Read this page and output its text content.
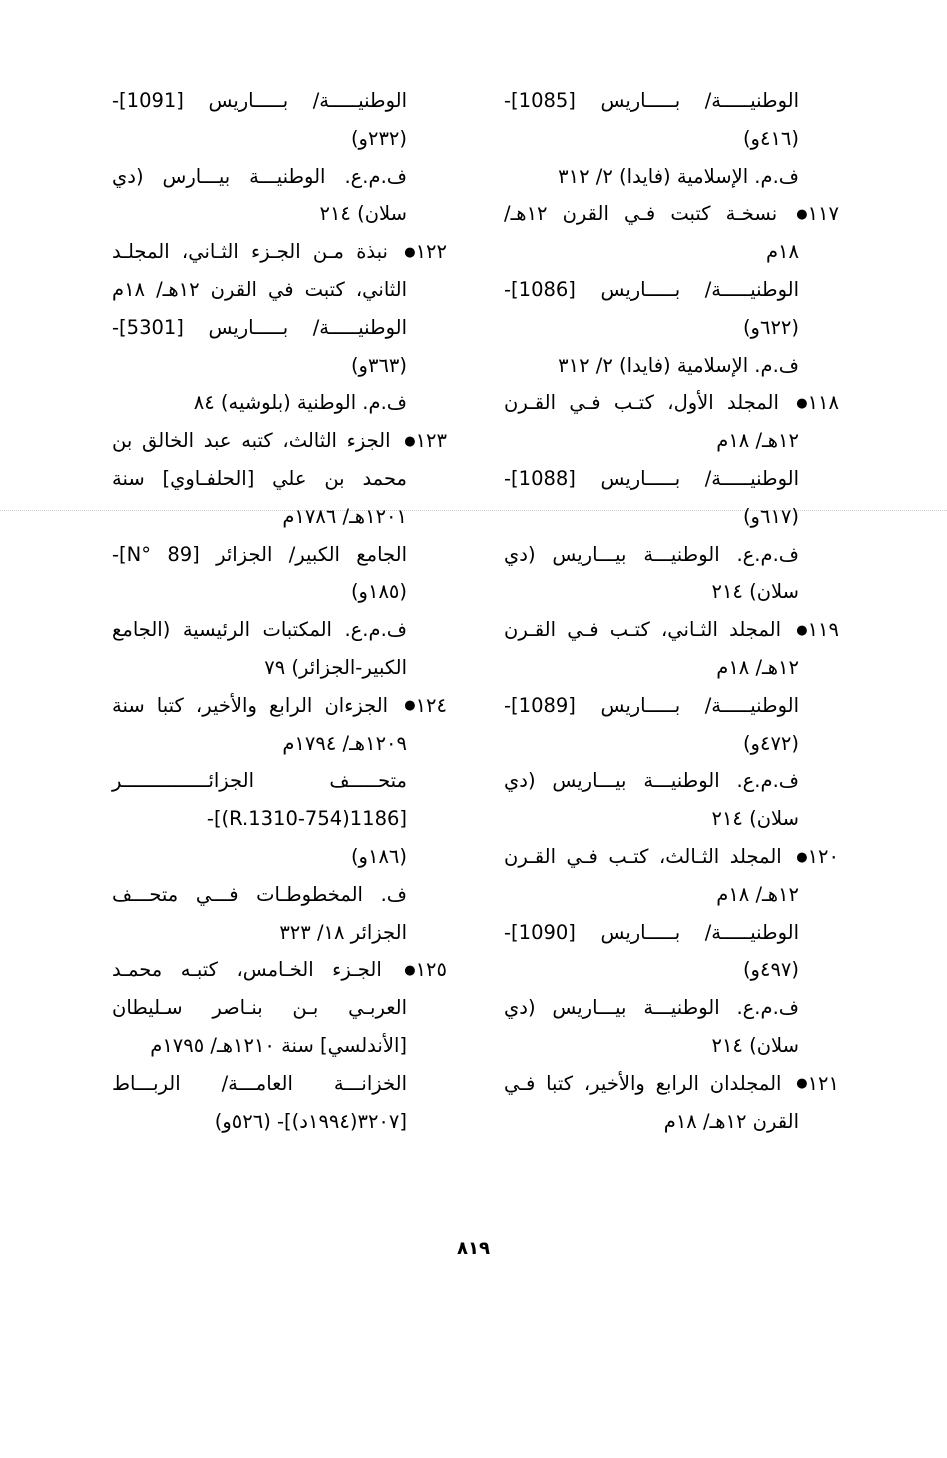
الوطنيـــــة/ بـــــاريس [1085]-
(٤١٦و)
ف.م. الإسلامية (فايدا) ٢/ ٣١٢
١١٧● نسخـة كتبت فـي القرن ١٢هـ/
١٨م
الوطنيـــــة/ بـــــاريس [1086]-
(٦٢٢و)
ف.م. الإسلامية (فايدا) ٢/ ٣١٢
١١٨● المجلد الأول، كتـب فـي القـرن
١٢هـ/ ١٨م
الوطنيـــــة/ بـــــاريس [1088]-
(٦١٧و)
ف.م.ع. الوطنيـــة بيـــاريس (دي
سلان) ٢١٤
١١٩● المجلد الثـاني، كتـب فـي القـرن
١٢هـ/ ١٨م
الوطنيـــــة/ بـــــاريس [1089]-
(٤٧٢و)
ف.م.ع. الوطنيـــة بيـــاريس (دي
سلان) ٢١٤
١٢٠● المجلد الثـالث، كتـب فـي القـرن
١٢هـ/ ١٨م
الوطنيـــــة/ بـــــاريس [1090]-
(٤٩٧و)
ف.م.ع. الوطنيـــة بيـــاريس (دي
سلان) ٢١٤
١٢١● المجلدان الرابع والأخير، كتبا فـي
القرن ١٢هـ/ ١٨م
الوطنيـــــة/ بـــــاريس [1091]-
(٢٣٢و)
ف.م.ع. الوطنيـــة بيـــارس (دي
سلان) ٢١٤
١٢٢● نبذة مـن الجـزء الثـاني، المجلـد
الثاني، كتبت في القرن ١٢هـ/ ١٨م
الوطنيـــــة/ بـــــاريس [5301]-
(٣٦٣و)
ف.م. الوطنية (بلوشيه) ٨٤
١٢٣● الجزء الثالث، كتبه عبد الخالق بن
محمد بن علي [الحلفـاوي] سنة
١٢٠١هـ/ ١٧٨٦م
الجامع الكبير/ الجزائر [N° 89]-
(١٨٥و)
ف.م.ع. المكتبات الرئيسية (الجامع
الكبير-الجزائر) ٧٩
١٢٤● الجزءان الرابع والأخير، كتبا سنة
١٢٠٩هـ/ ١٧٩٤م
متحـــــف الجزائـــــــــــــــر
[1186(754-R.1310)]-
(١٨٦و)
ف. المخطوطـات فـــي متحـــف
الجزائر ١٨/ ٣٢٣
١٢٥● الجـزء الخـامس، كتبـه محمـد
العربـي بـن بنـاصر سـليطان
[الأندلسي] سنة ١٢١٠هـ/ ١٧٩٥م
الخزانـــة العامـــة/ الربـــاط
[٣٢٠٧(١٩٩٤د)]- (٥٢٦و)
٨١٩
